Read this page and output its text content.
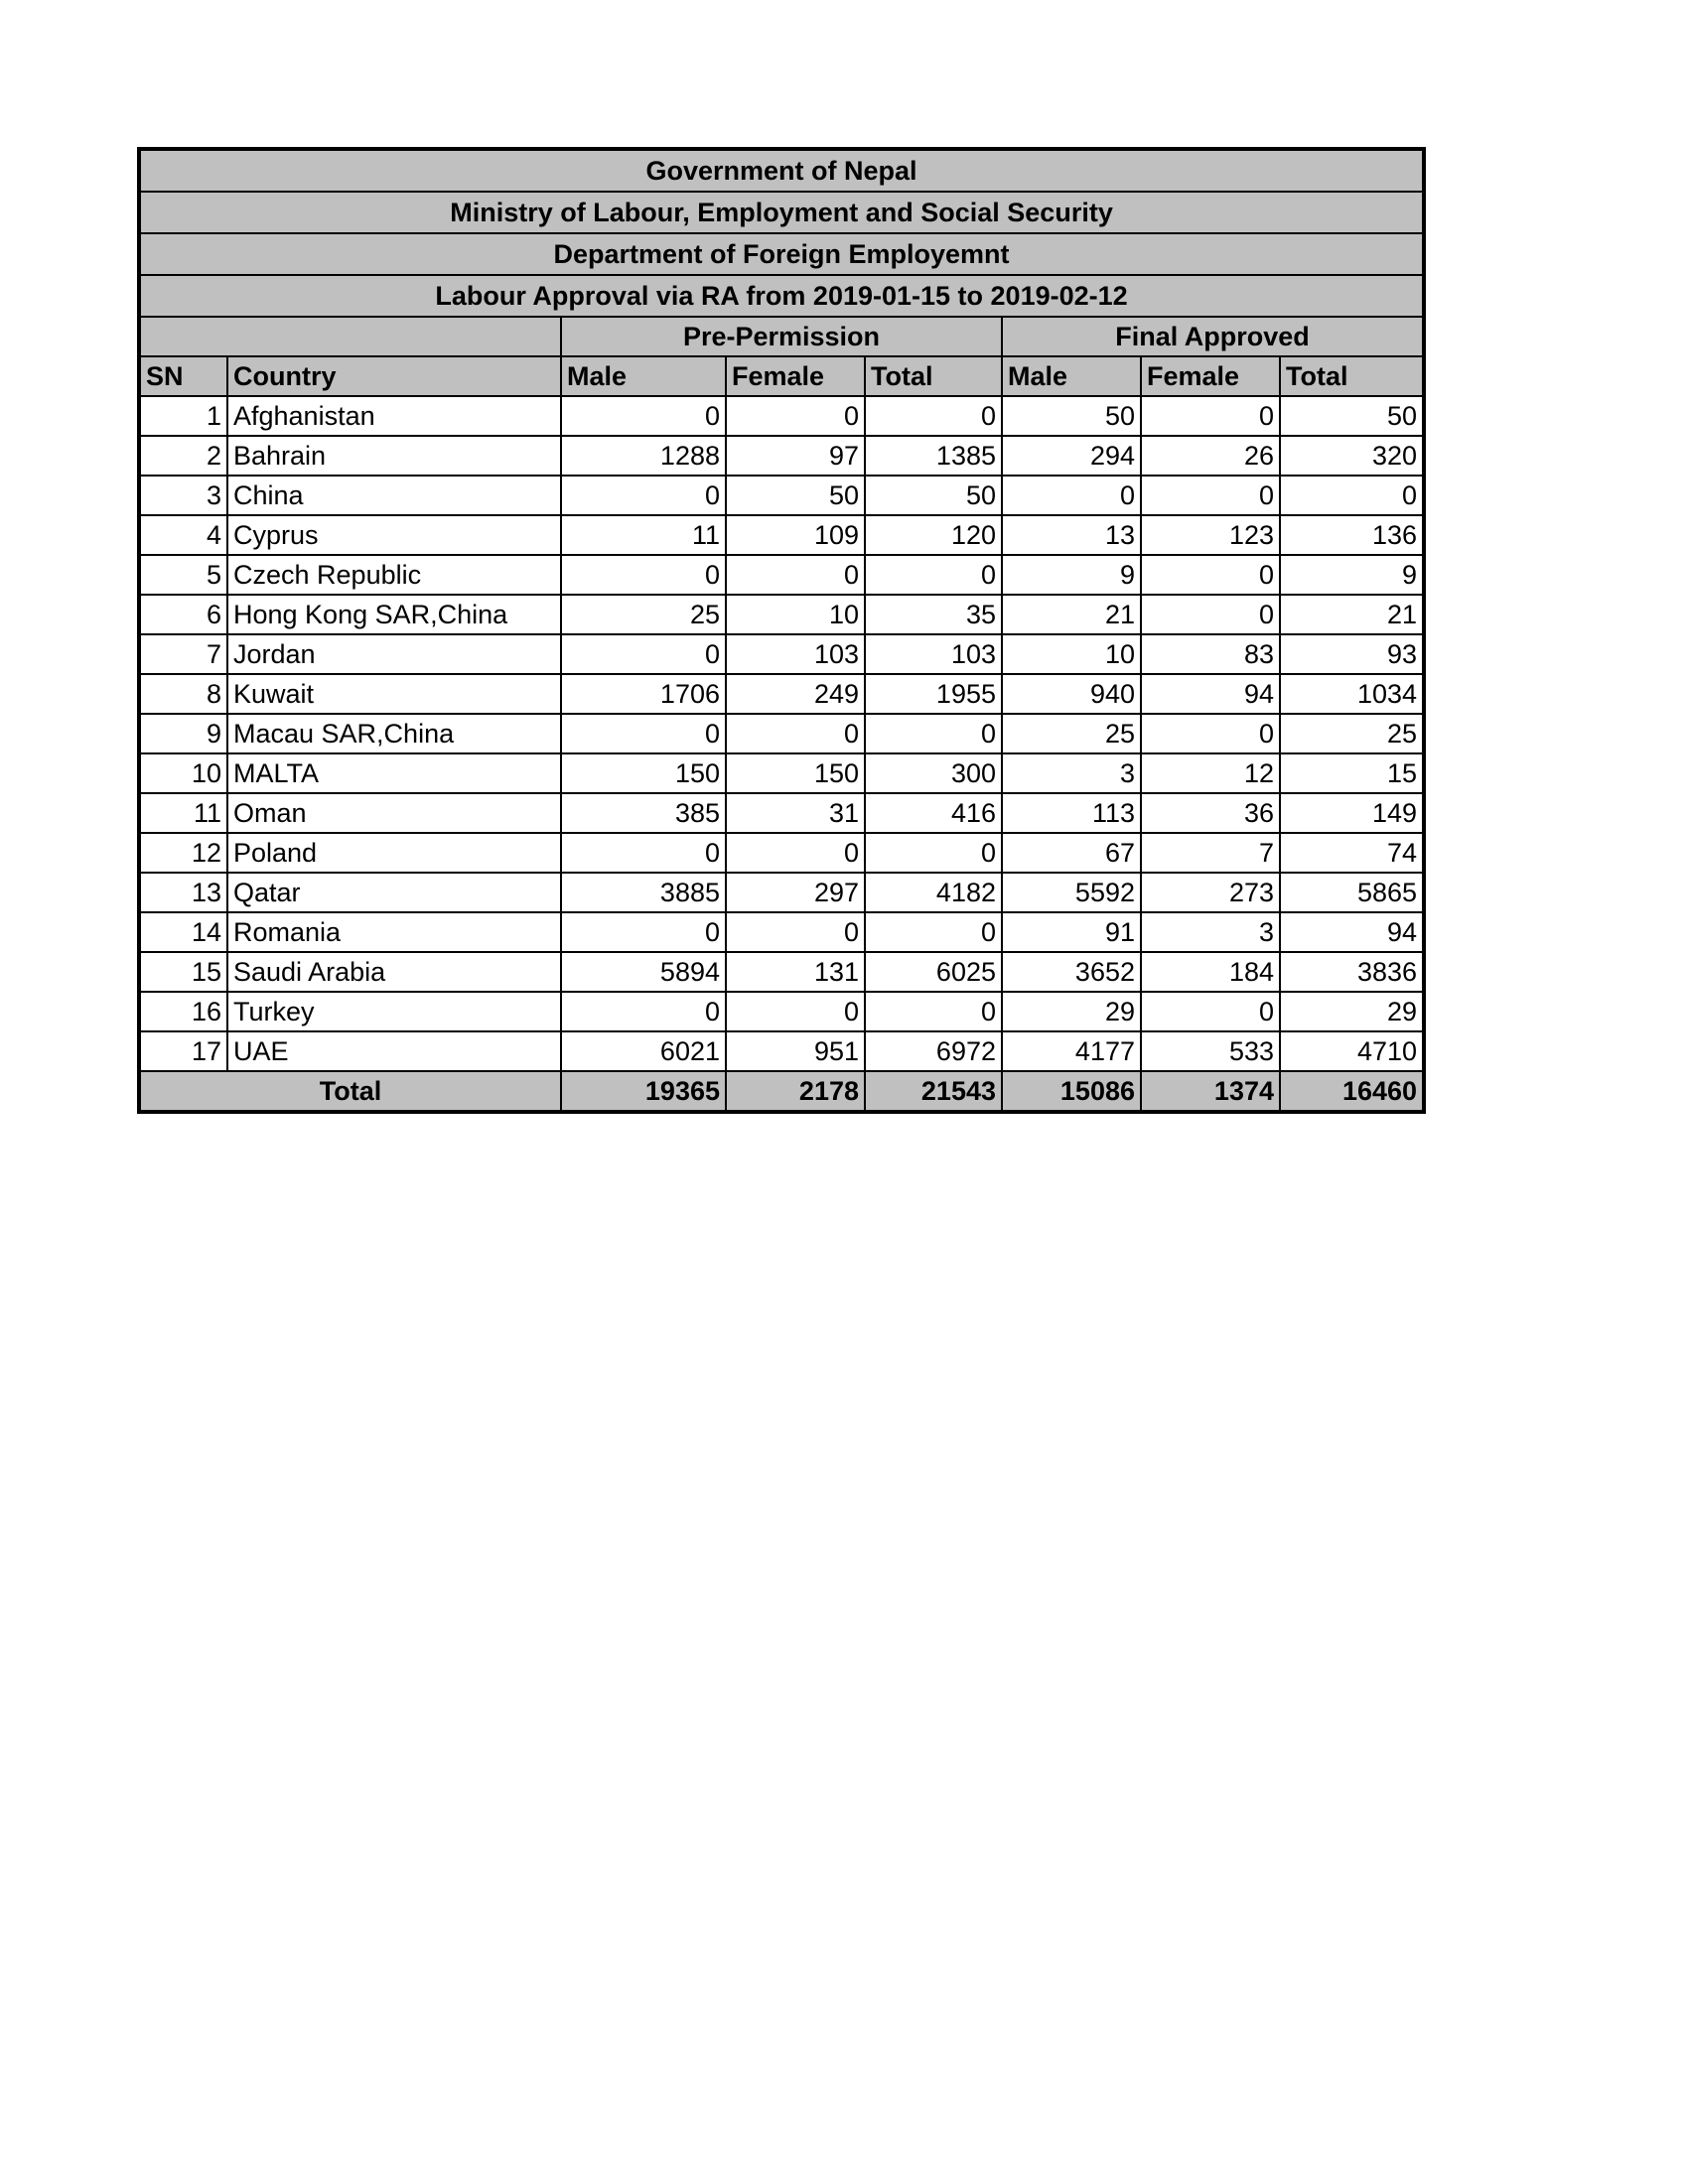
Government of Nepal							
Ministry of Labour, Employment and Social Security							
Department of Foreign Employemnt							
Labour Approval via RA from 2019-01-15 to 2019-02-12							
		Pre-Permission			Final Approved		
SN	Country	Male	Female	Total	Male	Female	Total
1	Afghanistan	0	0	0	50	0	50
2	Bahrain	1288	97	1385	294	26	320
3	China	0	50	50	0	0	0
4	Cyprus	11	109	120	13	123	136
5	Czech Republic	0	0	0	9	0	9
6	Hong Kong SAR,China	25	10	35	21	0	21
7	Jordan	0	103	103	10	83	93
8	Kuwait	1706	249	1955	940	94	1034
9	Macau SAR,China	0	0	0	25	0	25
10	MALTA	150	150	300	3	12	15
11	Oman	385	31	416	113	36	149
12	Poland	0	0	0	67	7	74
13	Qatar	3885	297	4182	5592	273	5865
14	Romania	0	0	0	91	3	94
15	Saudi Arabia	5894	131	6025	3652	184	3836
16	Turkey	0	0	0	29	0	29
17	UAE	6021	951	6972	4177	533	4710
Total		19365	2178	21543	15086	1374	16460
